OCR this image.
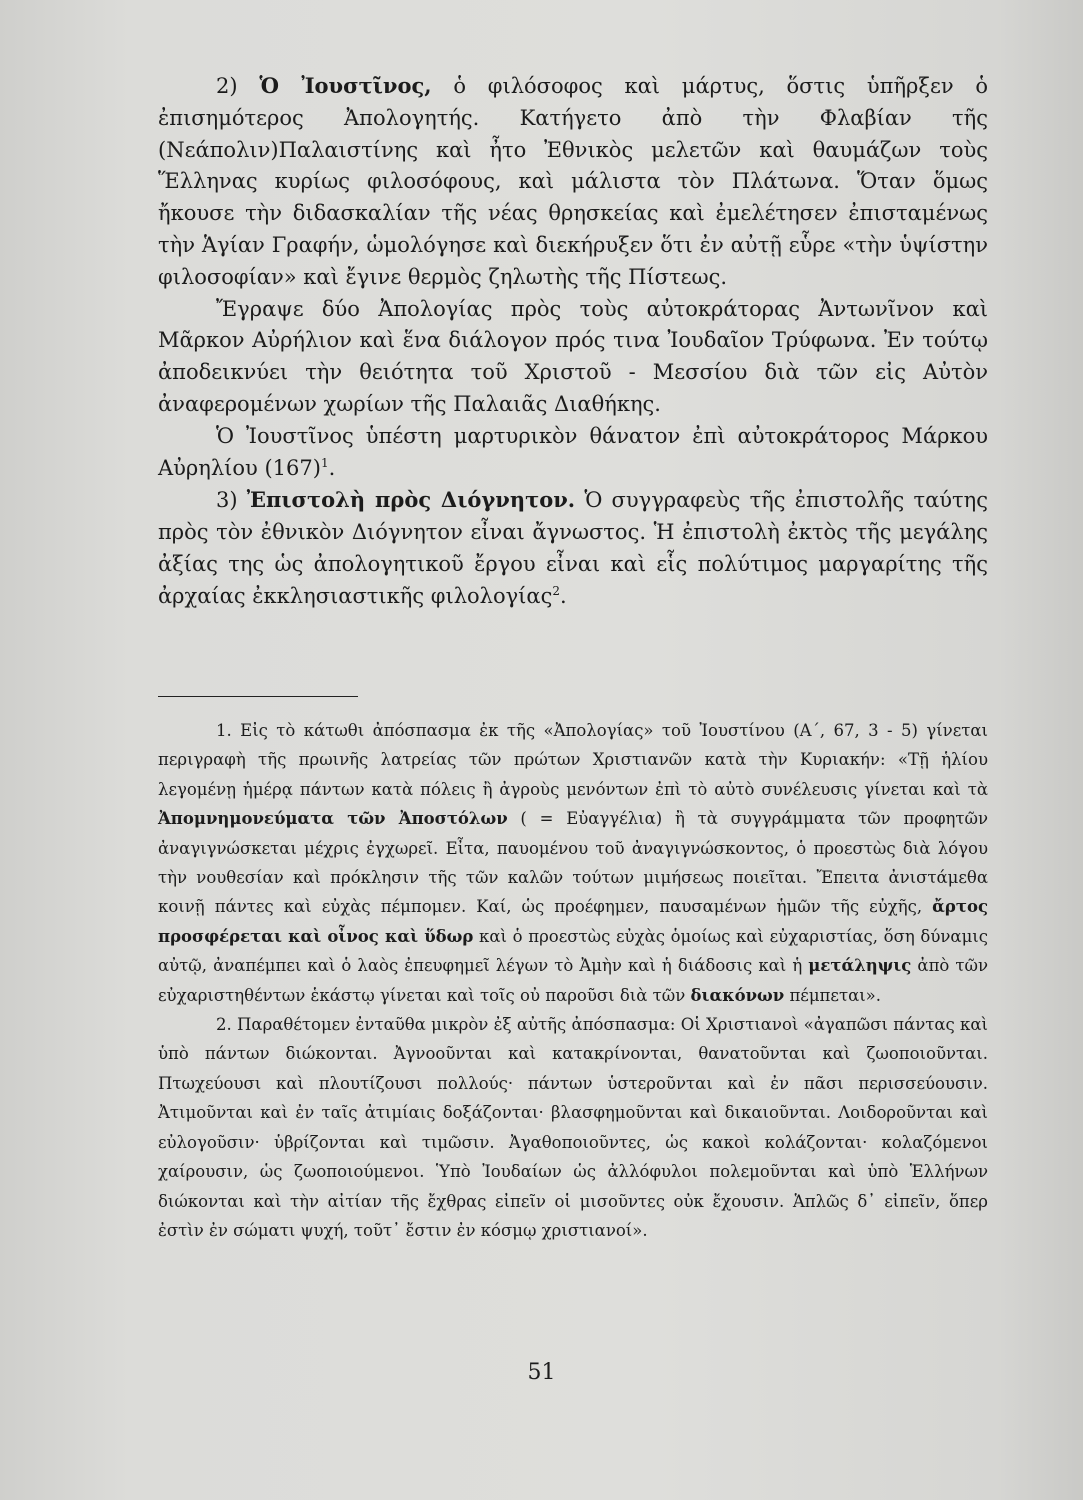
2) Ὁ Ἰουστῖνος, ὁ φιλόσοφος καὶ μάρτυς, ὅστις ὑπῆρξεν ὁ ἐπισημότερος Ἀπολογητής. Κατήγετο ἀπὸ τὴν Φλαβίαν τῆς (Νεάπολιν)Παλαιστίνης καὶ ἦτο Ἐθνικὸς μελετῶν καὶ θαυμάζων τοὺς Ἕλληνας κυρίως φιλοσόφους, καὶ μάλιστα τὸν Πλάτωνα. Ὅταν ὅμως ἤκουσε τὴν διδασκαλίαν τῆς νέας θρησκείας καὶ ἐμελέτησεν ἐπισταμένως τὴν Ἁγίαν Γραφήν, ὡμολόγησε καὶ διεκήρυξεν ὅτι ἐν αὐτῇ εὗρε «τὴν ὑψίστην φιλοσοφίαν» καὶ ἔγινε θερμὸς ζηλωτὴς τῆς Πίστεως.

Ἔγραψε δύο Ἀπολογίας πρὸς τοὺς αὐτοκράτορας Ἀντωνῖνον καὶ Μᾶρκον Αὐρήλιον καὶ ἕνα διάλογον πρός τινα Ἰουδαῖον Τρύφωνα. Ἐν τούτῳ ἀποδεικνύει τὴν θειότητα τοῦ Χριστοῦ - Μεσσίου διὰ τῶν εἰς Αὐτὸν ἀναφερομένων χωρίων τῆς Παλαιᾶς Διαθήκης.

Ὁ Ἰουστῖνος ὑπέστη μαρτυρικὸν θάνατον ἐπὶ αὐτοκράτορος Μάρκου Αὐρηλίου $(167)^1$.

3) Ἐπιστολὴ πρὸς Διόγνητον. Ὁ συγγραφεὺς τῆς ἐπιστολῆς ταύτης πρὸς τὸν ἐθνικὸν Διόγνητον εἶναι ἄγνωστος. Ἡ ἐπιστολὴ ἐκτὸς τῆς μεγάλης ἀξίας της ὡς ἀπολογητικοῦ ἔργου εἶναι καὶ εἷς πολύτιμος μαργαρίτης τῆς ἀρχαίας ἐκκλησιαστικῆς φιλολογίας$^2$.

1. Εἰς τὸ κάτωθι ἀπόσπασμα ἐκ τῆς «Ἀπολογίας» τοῦ Ἰουστίνου (Α΄, 67, 3 - 5) γίνεται περιγραφὴ τῆς πρωινῆς λατρείας τῶν πρώτων Χριστιανῶν κατὰ τὴν Κυριακήν: «Τῇ ἡλίου λεγομένῃ ἡμέρᾳ πάντων κατὰ πόλεις ἢ ἀγροὺς μενόντων ἐπὶ τὸ αὐτὸ συνέλευσις γίνεται καὶ τὰ Ἀπομνημονεύματα τῶν Ἀποστόλων ( = Εὐαγγέλια) ἢ τὰ συγγράμματα τῶν προφητῶν ἀναγιγνώσκεται μέχρις ἐγχωρεῖ. Εἶτα, παυομένου τοῦ ἀναγιγνώσκοντος, ὁ προεστὼς διὰ λόγου τὴν νουθεσίαν καὶ πρόκλησιν τῆς τῶν καλῶν τούτων μιμήσεως ποιεῖται. Ἔπειτα ἀνιστάμεθα κοινῇ πάντες καὶ εὐχὰς πέμπομεν. Καί, ὡς προέφημεν, παυσαμένων ἡμῶν τῆς εὐχῆς, ἄρτος προσφέρεται καὶ οἶνος καὶ ὕδωρ καὶ ὁ προεστὼς εὐχὰς ὁμοίως καὶ εὐχαριστίας, ὅση δύναμις αὐτῷ, ἀναπέμπει καὶ ὁ λαὸς ἐπευφημεῖ λέγων τὸ Ἀμὴν καὶ ἡ διάδοσις καὶ ἡ μετάληψις ἀπὸ τῶν εὐχαριστηθέντων ἑκάστῳ γίνεται καὶ τοῖς οὐ παροῦσι διὰ τῶν διακόνων πέμπεται».

2. Παραθέτομεν ἐνταῦθα μικρὸν ἐξ αὐτῆς ἀπόσπασμα: Οἱ Χριστιανοὶ «ἀγαπῶσι πάντας καὶ ὑπὸ πάντων διώκονται. Ἀγνοοῦνται καὶ κατακρίνονται, θανατοῦνται καὶ ζωοποιοῦνται. Πτωχεύουσι καὶ πλουτίζουσι πολλούς· πάντων ὑστεροῦνται καὶ ἐν πᾶσι περισσεύουσιν. Ἀτιμοῦνται καὶ ἐν ταῖς ἀτιμίαις δοξάζονται· βλασφημοῦνται καὶ δικαιοῦνται. Λοιδοροῦνται καὶ εὐλογοῦσιν· ὑβρίζονται καὶ τιμῶσιν. Ἀγαθοποιοῦντες, ὡς κακοὶ κολάζονται· κολαζόμενοι χαίρουσιν, ὡς ζωοποιούμενοι. Ὑπὸ Ἰουδαίων ὡς ἀλλόφυλοι πολεμοῦνται καὶ ὑπὸ Ἑλλήνων διώκονται καὶ τὴν αἰτίαν τῆς ἔχθρας εἰπεῖν οἱ μισοῦντες οὐκ ἔχουσιν. Ἁπλῶς δ᾽ εἰπεῖν, ὅπερ ἐστὶν ἐν σώματι ψυχή, τοῦτ᾽ ἔστιν ἐν κόσμῳ χριστιανοί».

51
